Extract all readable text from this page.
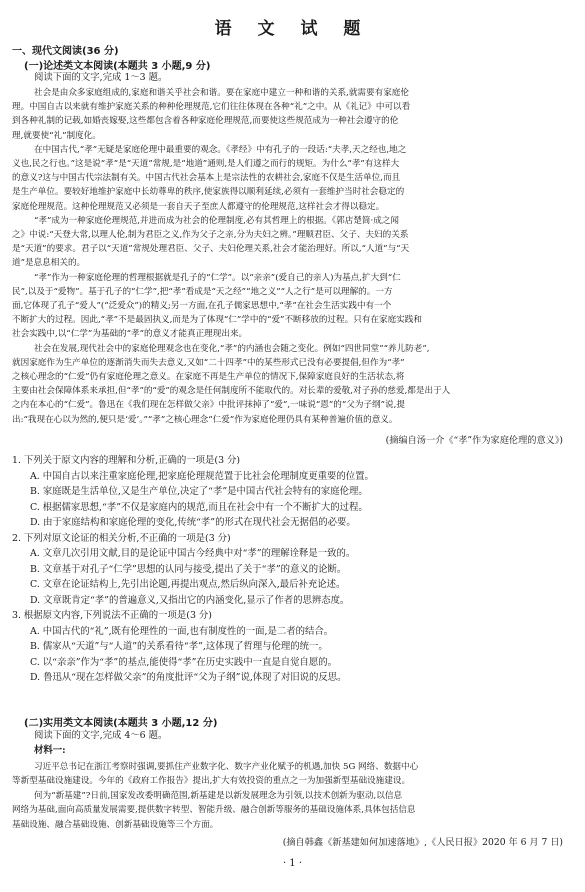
语 文 试 题
一、现代文阅读(36 分)
(一)论述类文本阅读(本题共 3 小题,9 分)
阅读下面的文字,完成 1～3 题。
社会是由众多家庭组成的,家庭和谐关乎社会和谐。要在家庭中建立一种和谐的关系,就需要有家庭伦
理。中国自古以来就有维护家庭关系的种种伦理规范,它们往往体现在各种“礼”之中。从《礼记》中可以看
到各种礼制的记载,如婚丧嫁娶,这些都包含着各种家庭伦理规范,而要使这些规范成为一种社会遵守的伦
理,就要使“礼”制度化。
在中国古代,“孝”无疑是家庭伦理中最重要的观念。《孝经》中有孔子的一段话:“夫孝,天之经也,地之
义也,民之行也。”这是说“孝”是“天道”常规,是“地道”通则,是人们遵之而行的规矩。为什么“孝”有这样大
的意义?这与中国古代宗法制有关。中国古代社会基本上是宗法性的农耕社会,家庭不仅是生活单位,而且
是生产单位。要较好地维护家庭中长幼尊卑的秩序,使家族得以顺利延续,必须有一套维护当时社会稳定的
家庭伦理规范。这种伦理规范又必须是一套自天子至庶人都遵守的伦理规范,这样社会才得以稳定。
“孝”成为一种家庭伦理规范,并进而成为社会的伦理制度,必有其哲理上的根据。《郭店楚简·成之闻
之》中说:“天登大常,以理人伦,制为君臣之义,作为父子之亲,分为夫妇之辨。”理顺君臣、父子、夫妇的关系
是“天道”的要求。君子以“天道”常规处理君臣、父子、夫妇伦理关系,社会才能治理好。所以,“人道”与“天
道”是息息相关的。
“孝”作为一种家庭伦理的哲理根据就是孔子的“仁学”。以“亲亲”(爱自己的亲人)为基点,扩大到“仁
民”,以及于“爱物”。基于孔子的“仁学”,把“孝”看成是“天之经”“地之义”“人之行”是可以理解的。一方
面,它体现了孔子“爱人”(“泛爱众”)的精义;另一方面,在孔子儒家思想中,“孝”在社会生活实践中有一个
不断扩大的过程。因此,“孝”不是最固执义,而是为了体现“仁”学中的“爱”不断移放的过程。只有在家庭实践和
社会实践中,以“仁学”为基础的“孝”的意义才能真正理现出来。
社会在发展,现代社会中的家庭伦理观念也在变化,“孝”的内涵也会随之变化。例如“四世同堂”“养儿防老”,
就因家庭作为生产单位的逐渐消失而失去意义,又如“二十四孝”中的某些形式已没有必要提倡,但作为“孝”
之核心理念的“仁爱”仍有家庭伦理之意义。在家庭不再是生产单位的情况下,保障家庭良好的生活状态,将
主要由社会保障体系来承担,但“孝”的“爱”的观念是任何制度所不能取代的。对长辈的爱敬,对子孙的慈爱,都是出于人
之内在本心的“仁爱”。鲁迅在《我们现在怎样做父亲》中批评抹掉了“爱”,一味说“恩”的“父为子纲”说,提
出:“我现在心以为然的,便只是‘爱’。”“孝”之核心理念“仁爱”作为家庭伦理仍具有某种普遍价值的意义。
(摘编自汤一介《“孝”作为家庭伦理的意义》)
1. 下列关于原文内容的理解和分析,正确的一项是(3 分)
A. 中国自古以来注重家庭伦理,把家庭伦理规范置于比社会伦理制度更重要的位置。
B. 家庭既是生活单位,又是生产单位,决定了“孝”是中国古代社会特有的家庭伦理。
C. 根据儒家思想,“孝”不仅是家庭内的规范,而且在社会中有一个不断扩大的过程。
D. 由于家庭结构和家庭伦理的变化,传统“孝”的形式在现代社会无据倡的必要。
2. 下列对原文论证的相关分析,不正确的一项是(3 分)
A. 文章几次引用文献,目的是论证中国古今经典中对“孝”的理解诠释是一致的。
B. 文章基于对孔子“仁学”思想的认同与接受,提出了关于“孝”的意义的论断。
C. 文章在论证结构上,先引出论题,再提出观点,然后纵向深入,最后补充论述。
D. 文章既肯定“孝”的普遍意义,又指出它的内涵变化,显示了作者的思辨态度。
3. 根据原文内容,下列说法不正确的一项是(3 分)
A. 中国古代的“礼”,既有伦理性的一面,也有制度性的一面,是二者的结合。
B. 儒家从“天道”与“人道”的关系看待“孝”,这体现了哲理与伦理的统一。
C. 以“亲亲”作为“孝”的基点,能使得“孝”在历史实践中一直是自觉自愿的。
D. 鲁迅从“现在怎样做父亲”的角度批评“父为子纲”说,体现了对旧说的反思。
(二)实用类文本阅读(本题共 3 小题,12 分)
阅读下面的文字,完成 4～6 题。
材料一:
习近平总书记在浙江考察时强调,要抓住产业数字化、数字产业化赋予的机遇,加快 5G 网络、数据中心
等新型基础设施建设。今年的《政府工作报告》提出,扩大有效投资的重点之一为加强新型基础设施建设。
何为“新基建”?日前,国家发改委明确范围,新基建是以新发展理念为引领,以技术创新为驱动,以信息
网络为基础,面向高质量发展需要,提供数字转型、智能升级、融合创新等服务的基础设施体系,具体包括信息
基础设施、融合基础设施、创新基础设施等三个方面。
(摘自韩鑫《新基建如何加速落地》,《人民日报》2020 年 6 月 7 日)
· 1 ·
